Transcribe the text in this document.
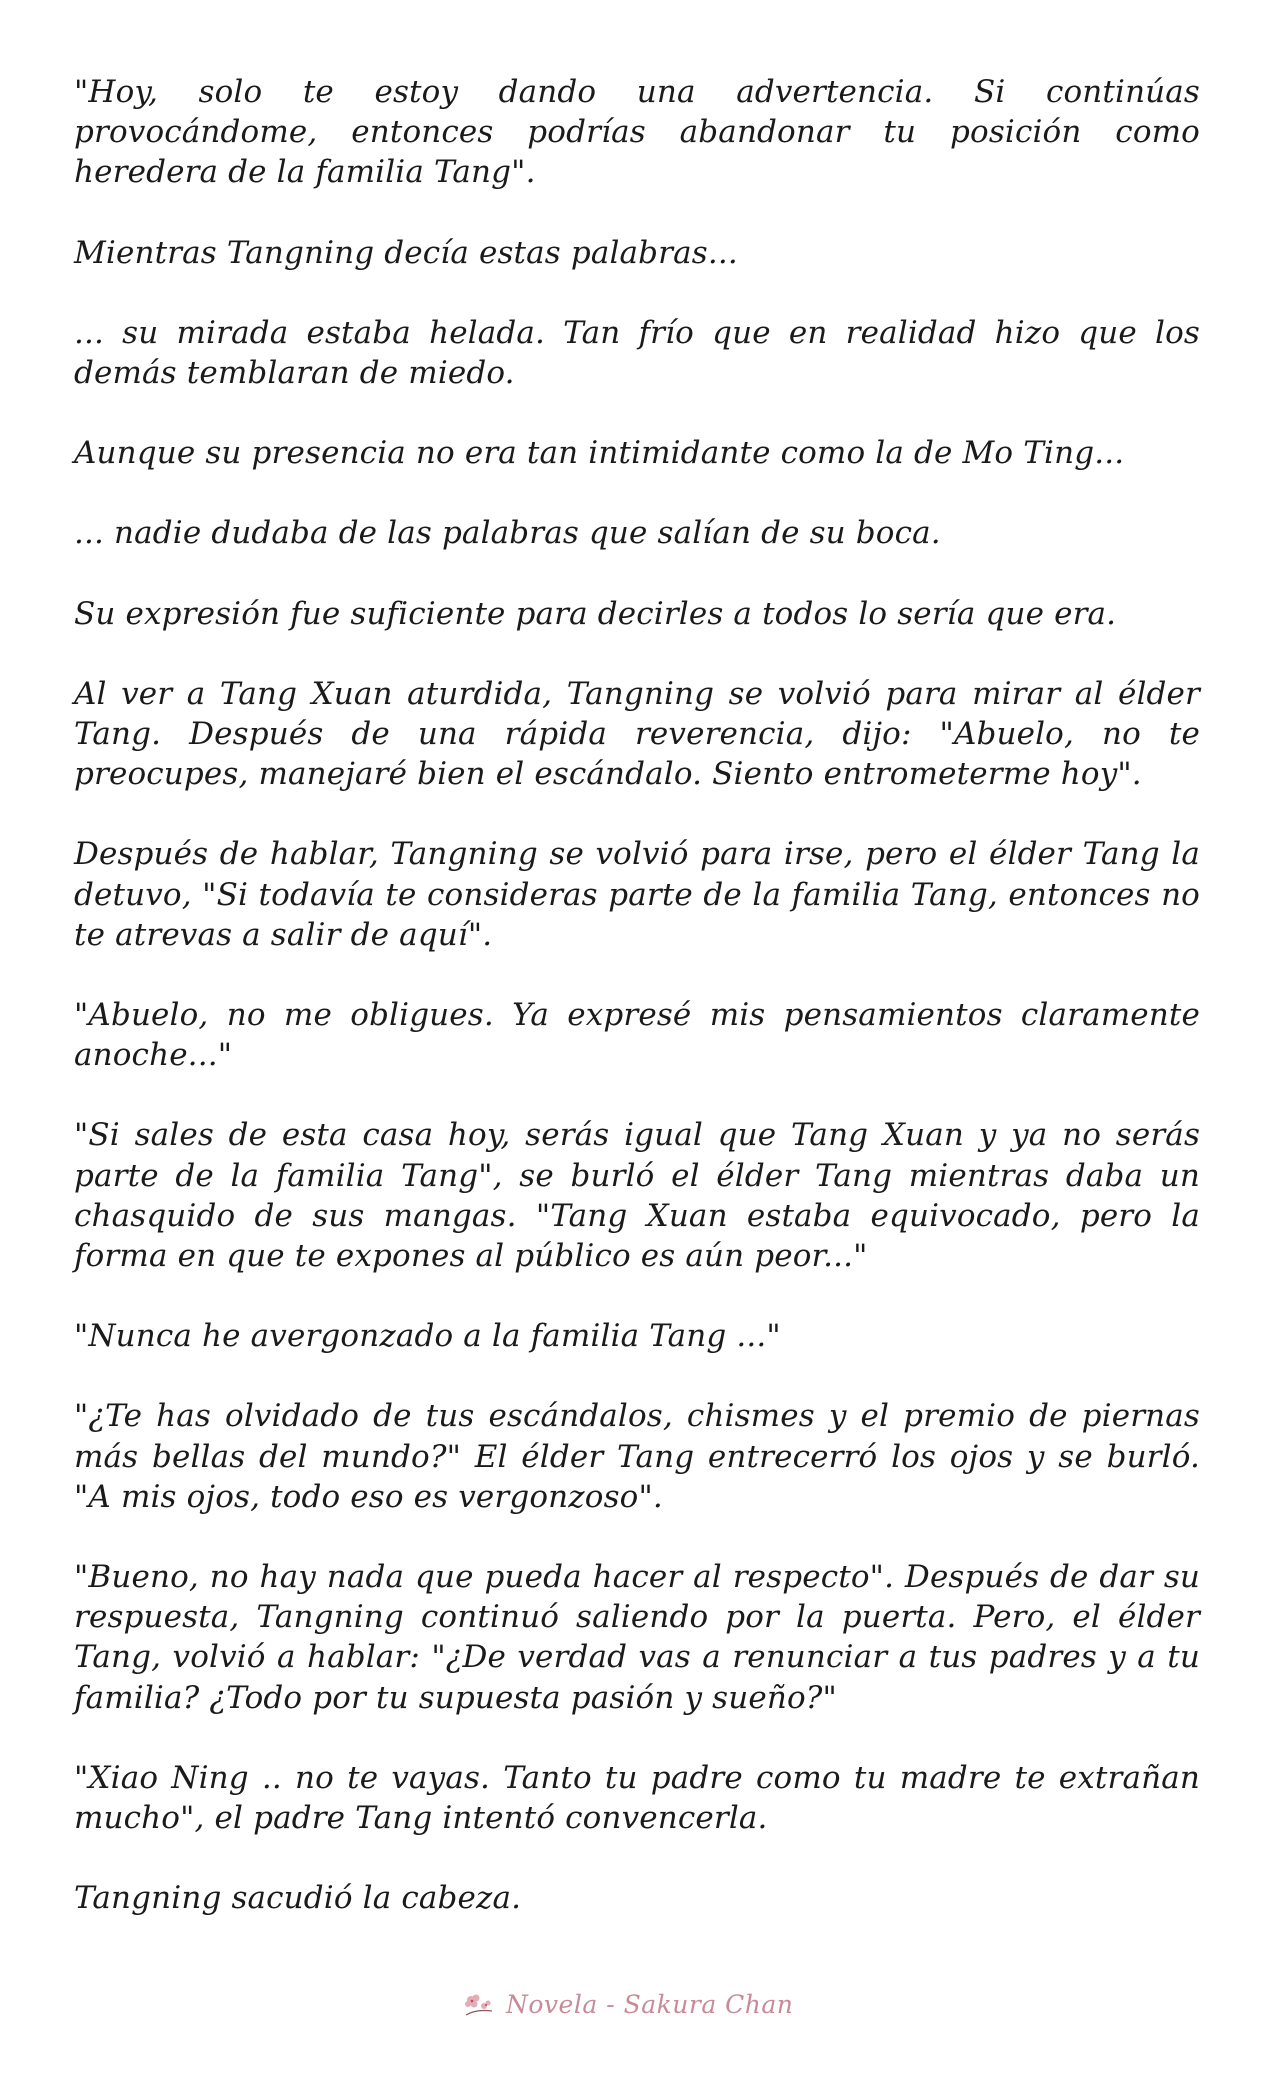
"Hoy, solo te estoy dando una advertencia. Si continúas provocándome, entonces podrías abandonar tu posición como heredera de la familia Tang".

Mientras Tangning decía estas palabras...

... su mirada estaba helada. Tan frío que en realidad hizo que los demás temblaran de miedo.

Aunque su presencia no era tan intimidante como la de Mo Ting...

... nadie dudaba de las palabras que salían de su boca.

Su expresión fue suficiente para decirles a todos lo sería que era.

Al ver a Tang Xuan aturdida, Tangning se volvió para mirar al élder Tang. Después de una rápida reverencia, dijo: "Abuelo, no te preocupes, manejaré bien el escándalo. Siento entrometerme hoy".

Después de hablar, Tangning se volvió para irse, pero el élder Tang la detuvo, "Si todavía te consideras parte de la familia Tang, entonces no te atrevas a salir de aquí".

"Abuelo, no me obligues. Ya expresé mis pensamientos claramente anoche..."

"Si sales de esta casa hoy, serás igual que Tang Xuan y ya no serás parte de la familia Tang", se burló el élder Tang mientras daba un chasquido de sus mangas. "Tang Xuan estaba equivocado, pero la forma en que te expones al público es aún peor..."

"Nunca he avergonzado a la familia Tang ..."

"¿Te has olvidado de tus escándalos, chismes y el premio de piernas más bellas del mundo?" El élder Tang entrecerró los ojos y se burló. "A mis ojos, todo eso es vergonzoso".

"Bueno, no hay nada que pueda hacer al respecto". Después de dar su respuesta, Tangning continuó saliendo por la puerta. Pero, el élder Tang, volvió a hablar: "¿De verdad vas a renunciar a tus padres y a tu familia? ¿Todo por tu supuesta pasión y sueño?"

"Xiao Ning .. no te vayas. Tanto tu padre como tu madre te extrañan mucho", el padre Tang intentó convencerla.

Tangning sacudió la cabeza.

Novela - Sakura Chan
